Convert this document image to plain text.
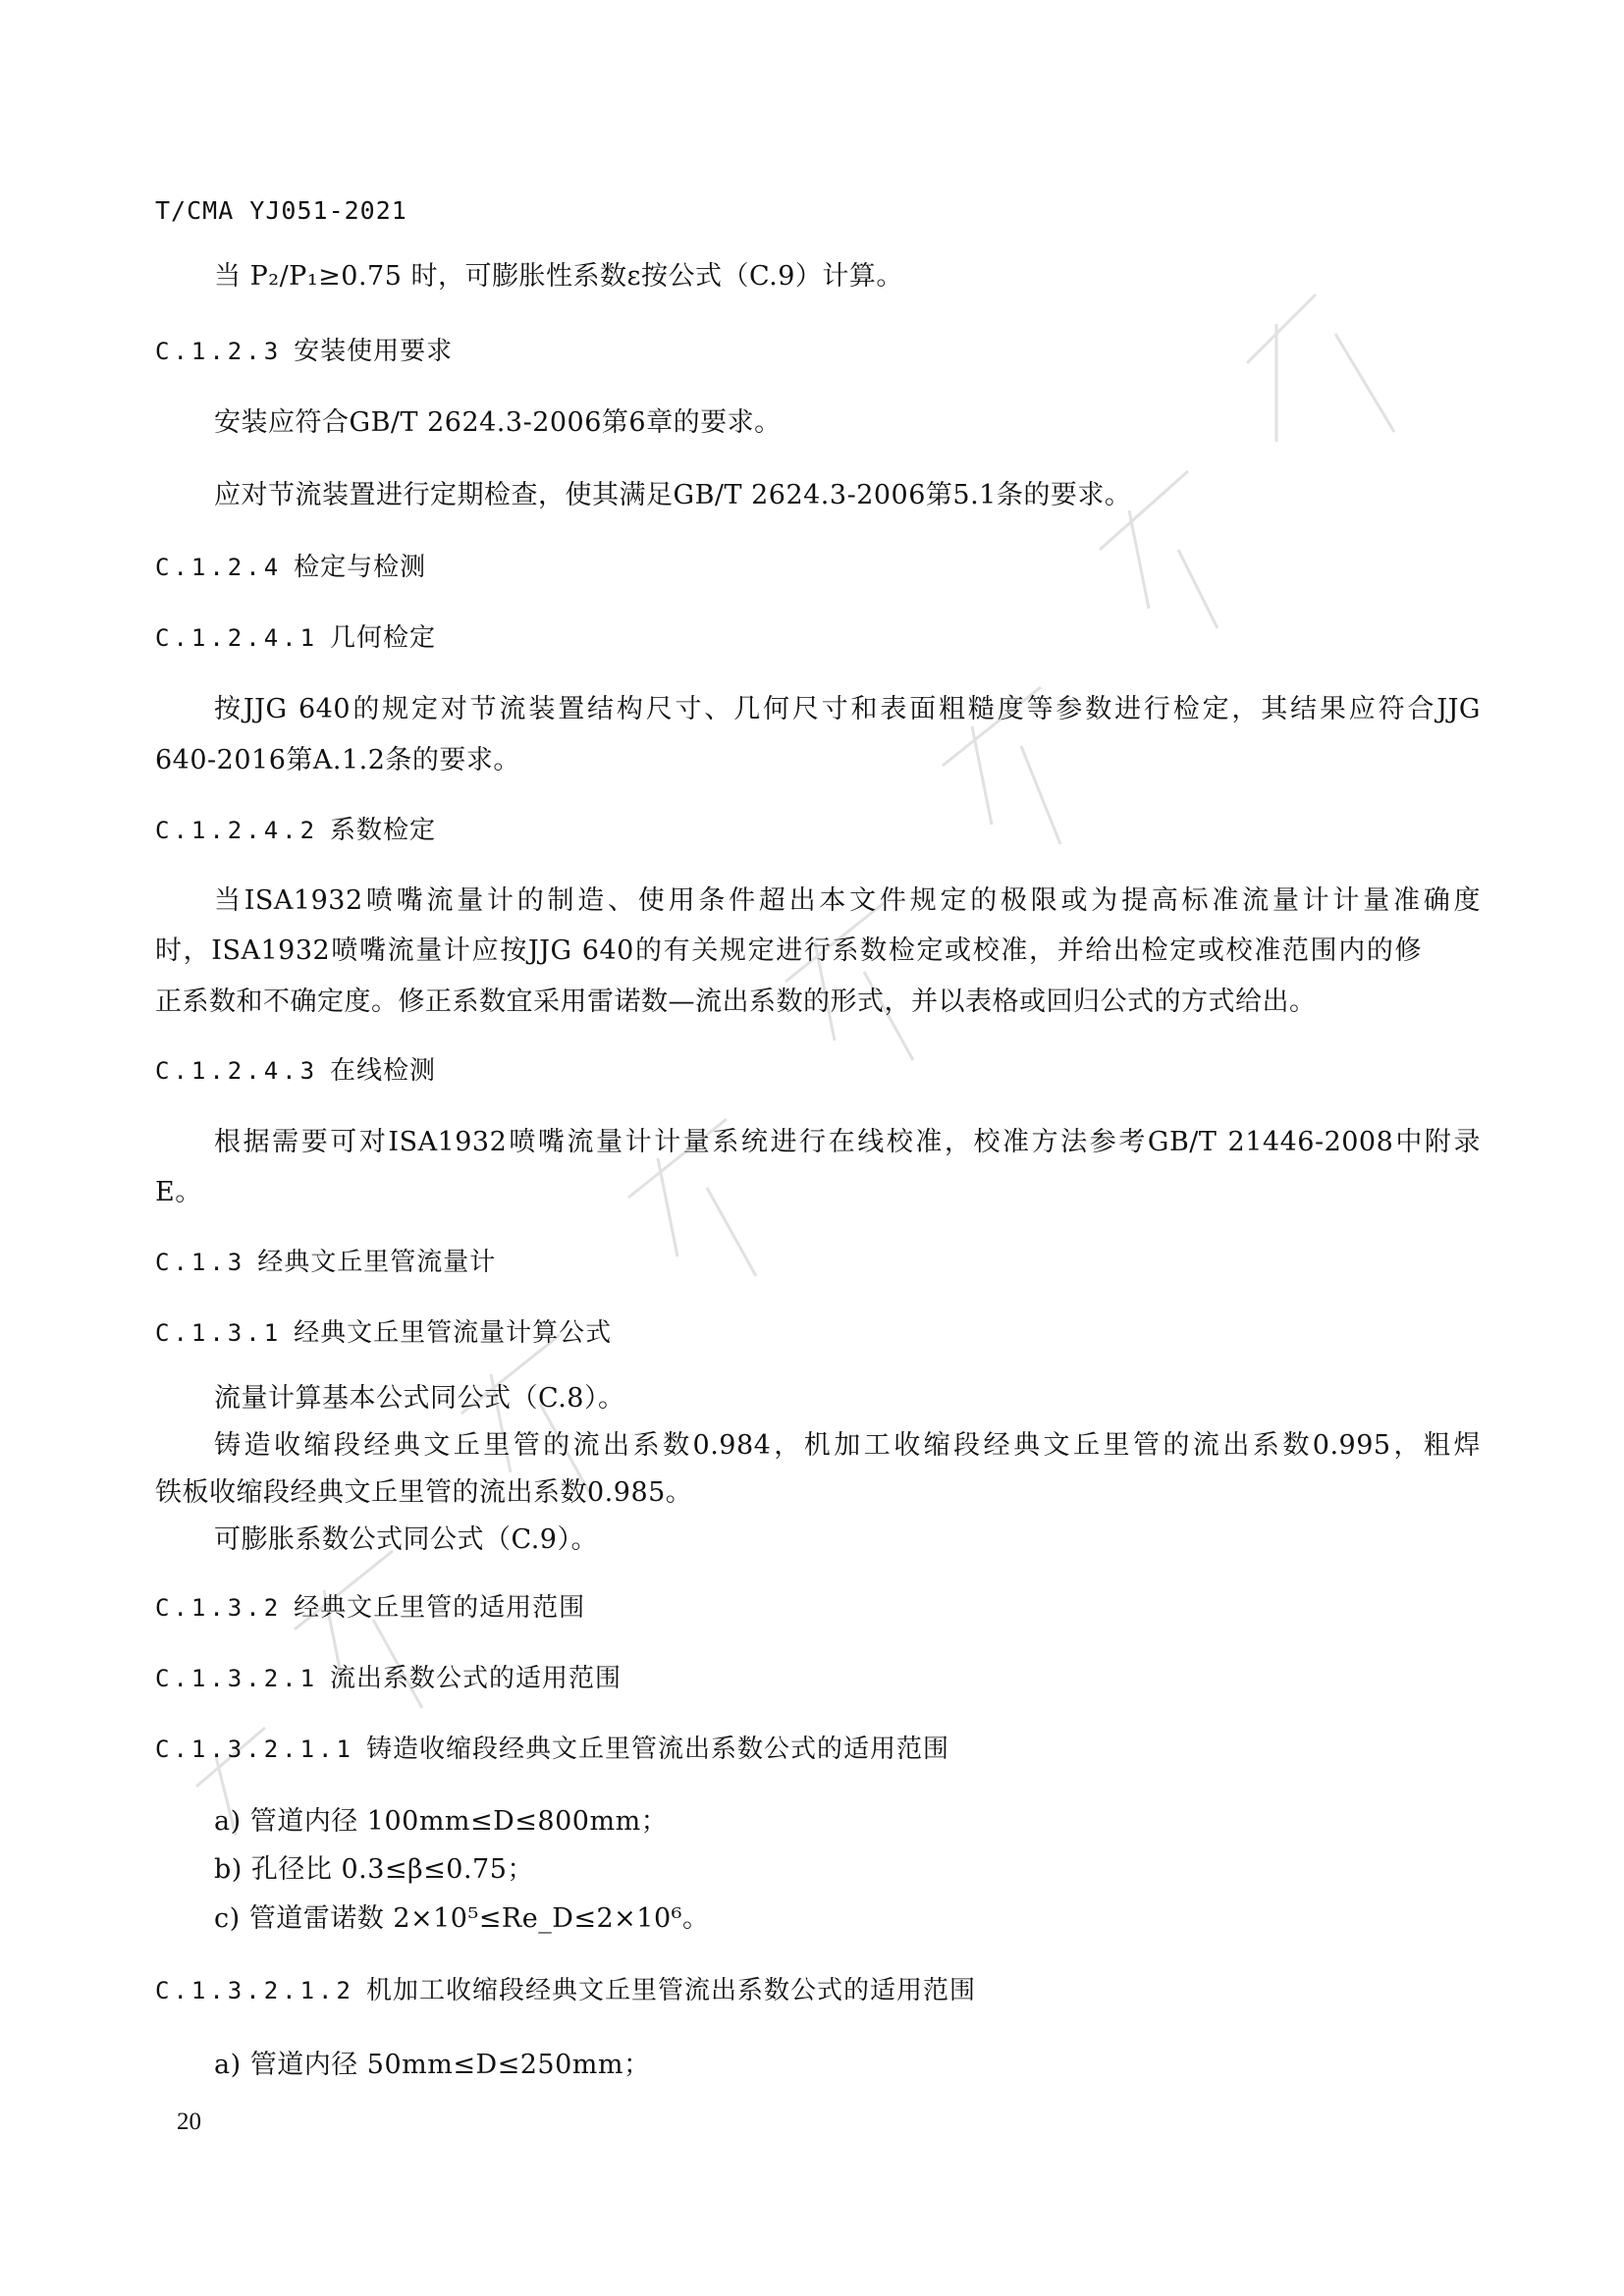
T/CMA YJ051-2021
当 P₂/P₁≥0.75 时，可膨胀性系数ε按公式（C.9）计算。
C.1.2.3 安装使用要求
安装应符合GB/T 2624.3-2006第6章的要求。
应对节流装置进行定期检查，使其满足GB/T 2624.3-2006第5.1条的要求。
C.1.2.4 检定与检测
C.1.2.4.1 几何检定
按JJG 640的规定对节流装置结构尺寸、几何尺寸和表面粗糙度等参数进行检定，其结果应符合JJG
640-2016第A.1.2条的要求。
C.1.2.4.2 系数检定
当ISA1932喷嘴流量计的制造、使用条件超出本文件规定的极限或为提高标准流量计计量准确度
时，ISA1932喷嘴流量计应按JJG 640的有关规定进行系数检定或校准，并给出检定或校准范围内的修
正系数和不确定度。修正系数宜采用雷诺数—流出系数的形式，并以表格或回归公式的方式给出。
C.1.2.4.3 在线检测
根据需要可对ISA1932喷嘴流量计计量系统进行在线校准，校准方法参考GB/T 21446-2008中附录
E。
C.1.3 经典文丘里管流量计
C.1.3.1 经典文丘里管流量计算公式
流量计算基本公式同公式（C.8）。
铸造收缩段经典文丘里管的流出系数0.984，机加工收缩段经典文丘里管的流出系数0.995，粗焊
铁板收缩段经典文丘里管的流出系数0.985。
可膨胀系数公式同公式（C.9）。
C.1.3.2 经典文丘里管的适用范围
C.1.3.2.1 流出系数公式的适用范围
C.1.3.2.1.1 铸造收缩段经典文丘里管流出系数公式的适用范围
a) 管道内径 100mm≤D≤800mm；
b) 孔径比 0.3≤β≤0.75；
c) 管道雷诺数 2×10⁵≤Re_D≤2×10⁶。
C.1.3.2.1.2 机加工收缩段经典文丘里管流出系数公式的适用范围
a) 管道内径 50mm≤D≤250mm；
20
